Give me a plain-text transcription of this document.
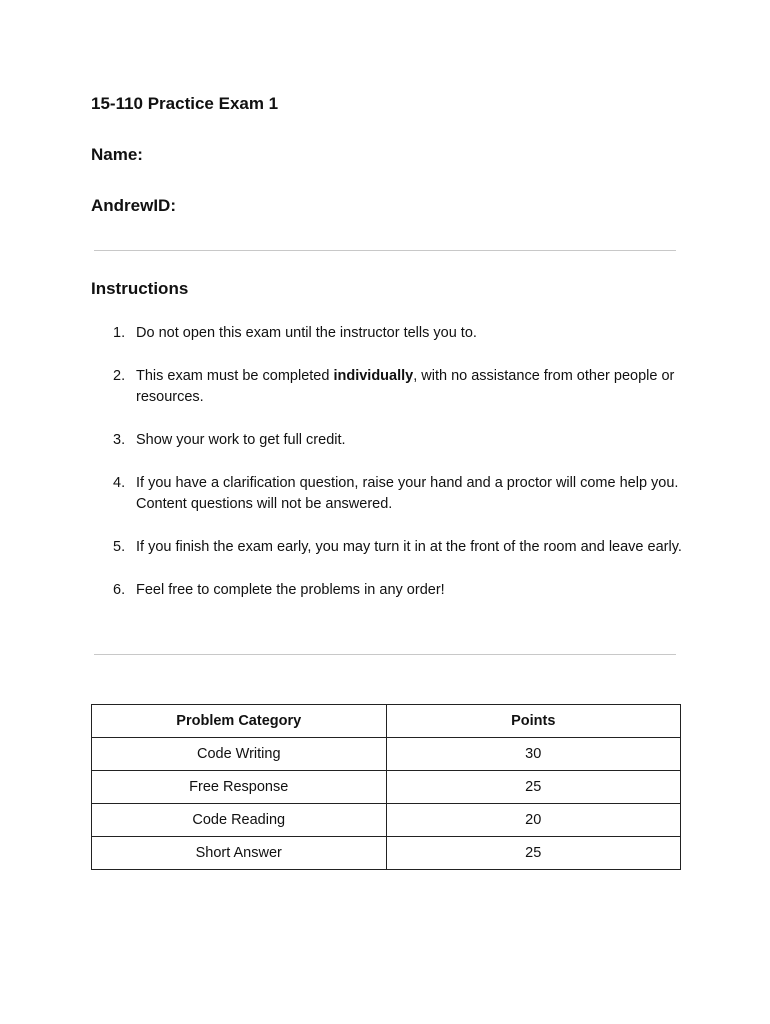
15-110 Practice Exam 1
Name:
AndrewID:
Instructions
1. Do not open this exam until the instructor tells you to.
2. This exam must be completed individually, with no assistance from other people or resources.
3. Show your work to get full credit.
4. If you have a clarification question, raise your hand and a proctor will come help you. Content questions will not be answered.
5. If you finish the exam early, you may turn it in at the front of the room and leave early.
6. Feel free to complete the problems in any order!
Problem Category	Points
Code Writing	30
Free Response	25
Code Reading	20
Short Answer	25
